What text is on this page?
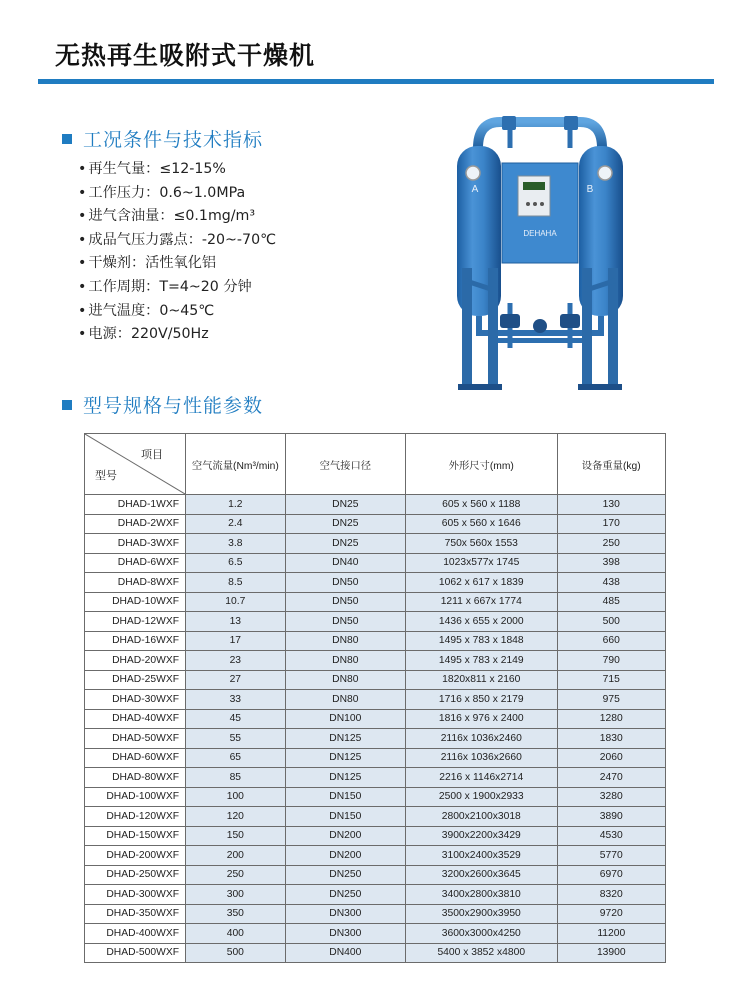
无热再生吸附式干燥机
工况条件与技术指标
• 再生气量：≤12-15%
• 工作压力：0.6~1.0MPa
• 进气含油量：≤0.1mg/m³
• 成品气压力露点：-20~-70℃
• 干燥剂：活性氧化铝
• 工作周期：T=4~20 分钟
• 进气温度：0~45℃
• 电源：220V/50Hz
A	B
DEHAHA
型号规格与性能参数
项目
型号	空气流量(Nm³/min)	空气接口径	外形尺寸(mm)	设备重量(kg)
DHAD-1WXF	1.2	DN25	605 x 560 x 1188	130
DHAD-2WXF	2.4	DN25	605 x 560 x 1646	170
DHAD-3WXF	3.8	DN25	750x 560x 1553	250
DHAD-6WXF	6.5	DN40	1023x577x 1745	398
DHAD-8WXF	8.5	DN50	1062 x 617 x 1839	438
DHAD-10WXF	10.7	DN50	1211 x 667x 1774	485
DHAD-12WXF	13	DN50	1436 x 655 x 2000	500
DHAD-16WXF	17	DN80	1495 x 783 x 1848	660
DHAD-20WXF	23	DN80	1495 x 783 x 2149	790
DHAD-25WXF	27	DN80	1820x811 x 2160	715
DHAD-30WXF	33	DN80	1716 x 850 x 2179	975
DHAD-40WXF	45	DN100	1816 x 976 x 2400	1280
DHAD-50WXF	55	DN125	2116x 1036x2460	1830
DHAD-60WXF	65	DN125	2116x 1036x2660	2060
DHAD-80WXF	85	DN125	2216 x 1146x2714	2470
DHAD-100WXF	100	DN150	2500 x 1900x2933	3280
DHAD-120WXF	120	DN150	2800x2100x3018	3890
DHAD-150WXF	150	DN200	3900x2200x3429	4530
DHAD-200WXF	200	DN200	3100x2400x3529	5770
DHAD-250WXF	250	DN250	3200x2600x3645	6970
DHAD-300WXF	300	DN250	3400x2800x3810	8320
DHAD-350WXF	350	DN300	3500x2900x3950	9720
DHAD-400WXF	400	DN300	3600x3000x4250	11200
DHAD-500WXF	500	DN400	5400 x 3852 x4800	13900
